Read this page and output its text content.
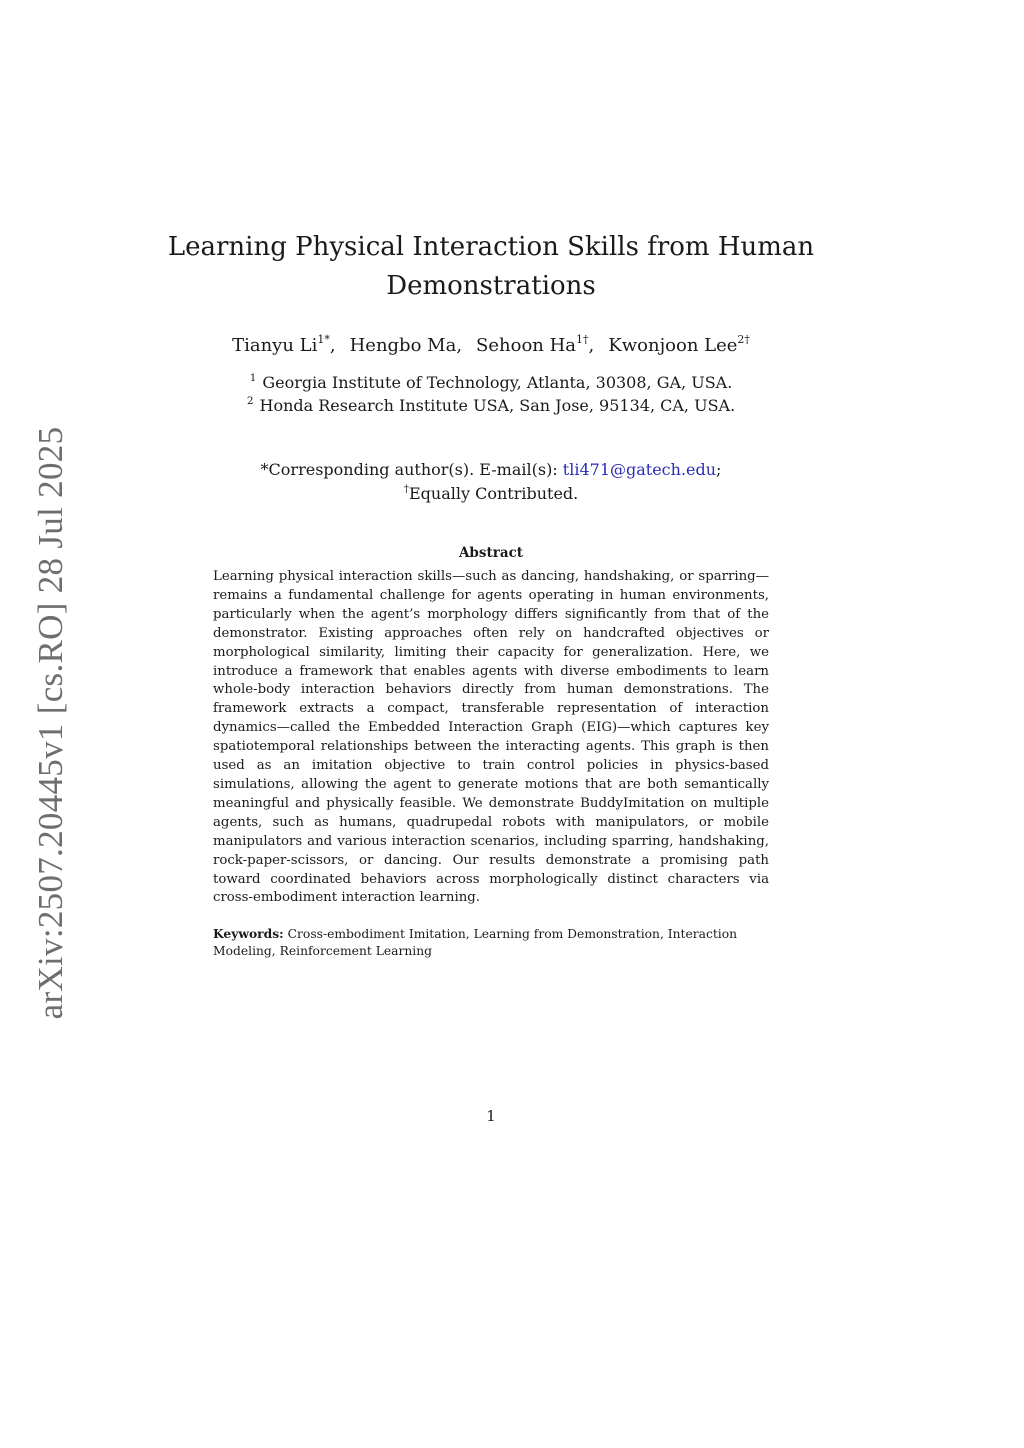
arXiv:2507.20445v1 [cs.RO] 28 Jul 2025
Learning Physical Interaction Skills from Human Demonstrations
Tianyu $Li^{1*}$, Hengbo Ma, Sehoon $Ha^{1\dagger}$, Kwonjoon Lee$^{2\dagger}$
$^1$ Georgia Institute of Technology, Atlanta, 30308, GA, USA.
$^2$ Honda Research Institute USA, San Jose, 95134, CA, USA.
*Corresponding author(s). E-mail(s): tli471@gatech.edu;
†Equally Contributed.
Abstract
Learning physical interaction skills—such as dancing, handshaking, or sparring—remains a fundamental challenge for agents operating in human environments, particularly when the agent’s morphology differs significantly from that of the demonstrator. Existing approaches often rely on handcrafted objectives or morphological similarity, limiting their capacity for generalization. Here, we introduce a framework that enables agents with diverse embodiments to learn whole-body interaction behaviors directly from human demonstrations. The framework extracts a compact, transferable representation of interaction dynamics—called the Embedded Interaction Graph (EIG)—which captures key spatiotemporal relationships between the interacting agents. This graph is then used as an imitation objective to train control policies in physics-based simulations, allowing the agent to generate motions that are both semantically meaningful and physically feasible. We demonstrate BuddyImitation on multiple agents, such as humans, quadrupedal robots with manipulators, or mobile manipulators and various interaction scenarios, including sparring, handshaking, rock-paper-scissors, or dancing. Our results demonstrate a promising path toward coordinated behaviors across morphologically distinct characters via cross-embodiment interaction learning.
Keywords: Cross-embodiment Imitation, Learning from Demonstration, Interaction Modeling, Reinforcement Learning
1
